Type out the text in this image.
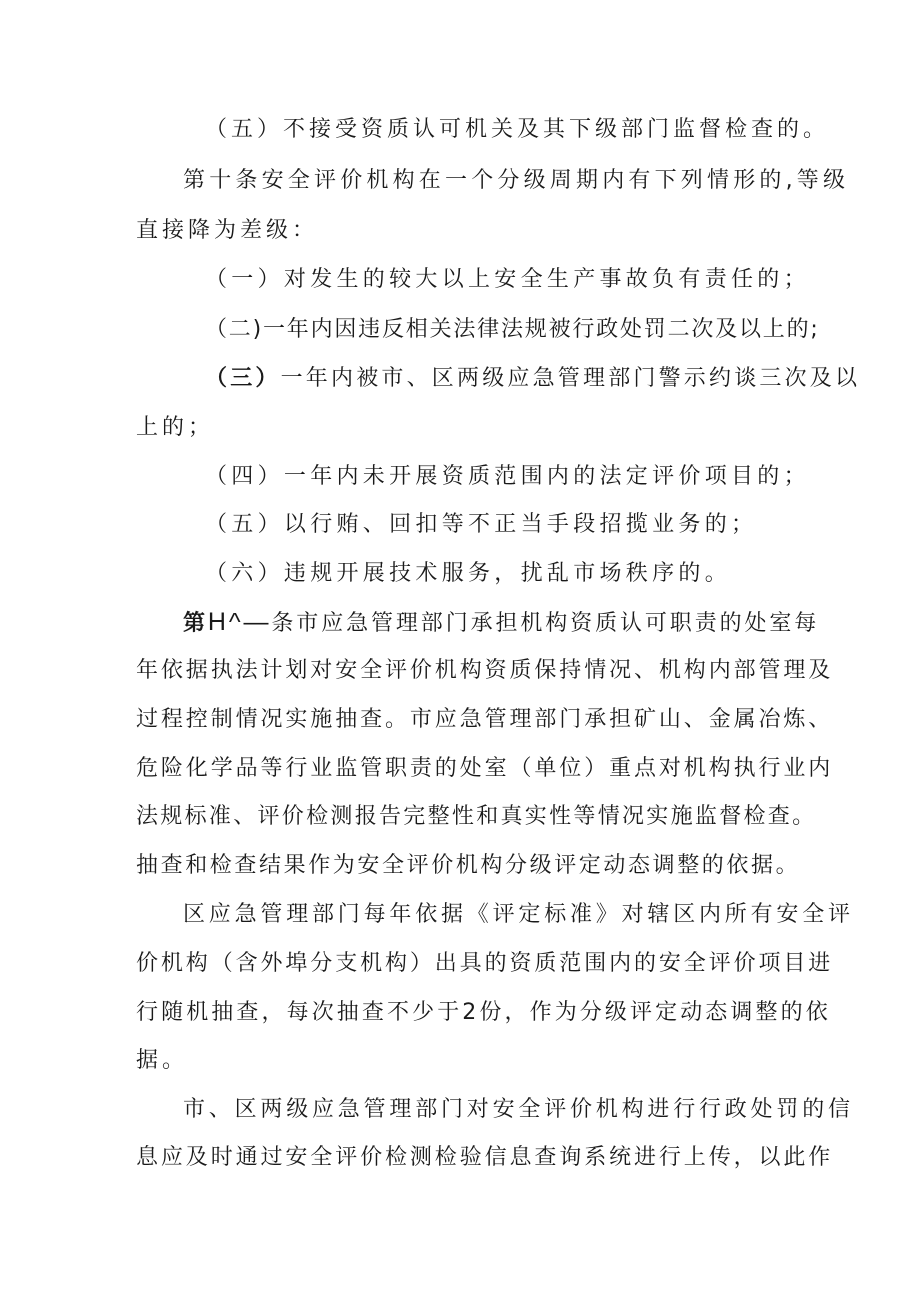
（五）不接受资质认可机关及其下级部门监督检查的。
第十条安全评价机构在一个分级周期内有下列情形的,等级
直接降为差级：
（一）对发生的较大以上安全生产事故负有责任的；
（二)一年内因违反相关法律法规被行政处罚二次及以上的;
（三）一年内被市、区两级应急管理部门警示约谈三次及以
上的；
（四）一年内未开展资质范围内的法定评价项目的；
（五）以行贿、回扣等不正当手段招揽业务的；
（六）违规开展技术服务，扰乱市场秩序的。
第H^—条市应急管理部门承担机构资质认可职责的处室每
年依据执法计划对安全评价机构资质保持情况、机构内部管理及
过程控制情况实施抽查。市应急管理部门承担矿山、金属冶炼、
危险化学品等行业监管职责的处室（单位）重点对机构执行业内
法规标准、评价检测报告完整性和真实性等情况实施监督检查。
抽查和检查结果作为安全评价机构分级评定动态调整的依据。
区应急管理部门每年依据《评定标准》对辖区内所有安全评
价机构（含外埠分支机构）出具的资质范围内的安全评价项目进
行随机抽查，每次抽查不少于2份，作为分级评定动态调整的依
据。
市、区两级应急管理部门对安全评价机构进行行政处罚的信
息应及时通过安全评价检测检验信息查询系统进行上传，以此作
